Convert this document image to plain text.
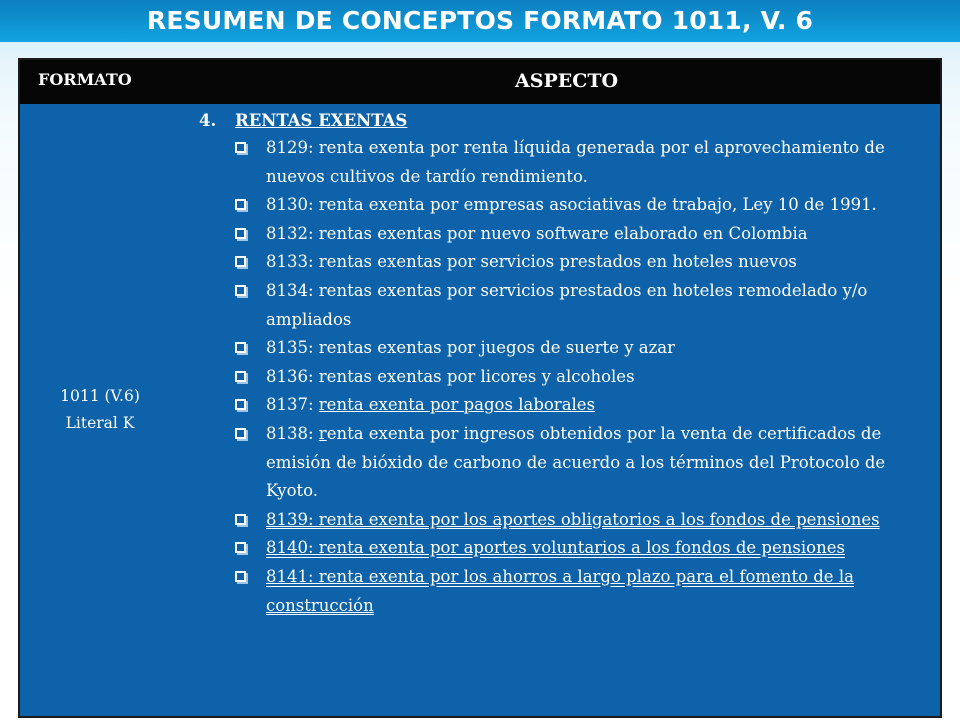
RESUMEN DE CONCEPTOS FORMATO 1011, V. 6
FORMATO	ASPECTO
1011 (V.6)
Literal K
4.	RENTAS EXENTAS
8129: renta exenta por renta líquida generada por el aprovechamiento de nuevos cultivos de tardío rendimiento.
8130: renta exenta por empresas asociativas de trabajo, Ley 10 de 1991.
8132: rentas exentas por nuevo software elaborado en Colombia
8133: rentas exentas por servicios prestados en hoteles nuevos
8134: rentas exentas por servicios prestados en hoteles remodelado y/o ampliados
8135: rentas exentas por juegos de suerte y azar
8136: rentas exentas por licores y alcoholes
8137: renta exenta por pagos laborales
8138: renta exenta por ingresos obtenidos por la venta de certificados de emisión de bióxido de carbono de acuerdo a los términos del Protocolo de Kyoto.
8139: renta exenta por los aportes obligatorios a los fondos de pensiones
8140: renta exenta por aportes voluntarios a los fondos de pensiones
8141: renta exenta por los ahorros a largo plazo para el fomento de la construcción
